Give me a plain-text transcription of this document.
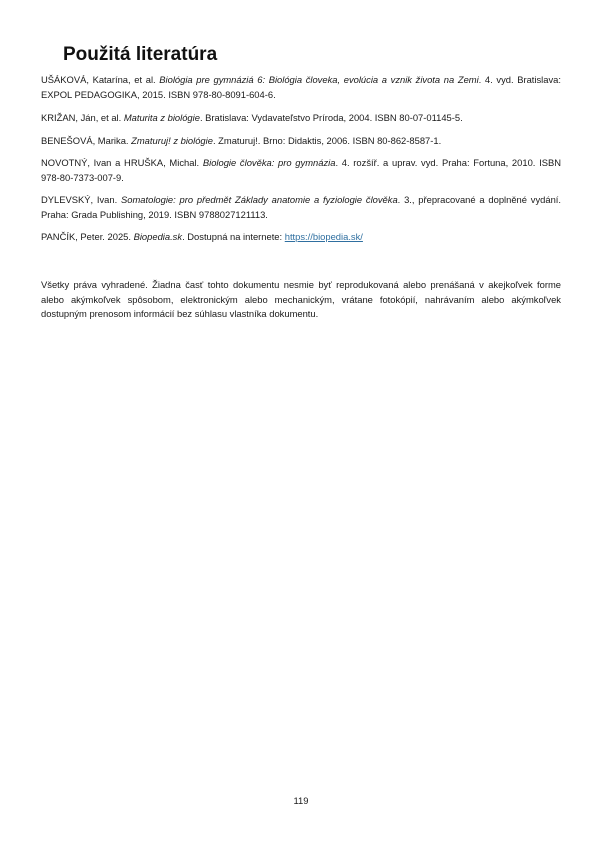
Použitá literatúra
UŠÁKOVÁ, Katarína, et al. Biológia pre gymnáziá 6: Biológia človeka, evolúcia a vznik života na Zemi. 4. vyd. Bratislava: EXPOL PEDAGOGIKA, 2015. ISBN 978-80-8091-604-6.
KRIŽAN, Ján, et al. Maturita z biológie. Bratislava: Vydavateľstvo Príroda, 2004. ISBN 80-07-01145-5.
BENEŠOVÁ, Marika. Zmaturuj! z biológie. Zmaturuj!. Brno: Didaktis, 2006. ISBN 80-862-8587-1.
NOVOTNÝ, Ivan a HRUŠKA, Michal. Biologie člověka: pro gymnázia. 4. rozšíř. a uprav. vyd. Praha: Fortuna, 2010. ISBN 978-80-7373-007-9.
DYLEVSKÝ, Ivan. Somatologie: pro předmět Základy anatomie a fyziologie člověka. 3., přepracované a doplněné vydání. Praha: Grada Publishing, 2019. ISBN 9788027121113.
PANČÍK, Peter. 2025. Biopedia.sk. Dostupná na internete: https://biopedia.sk/

Všetky práva vyhradené. Žiadna časť tohto dokumentu nesmie byť reprodukovaná alebo prenášaná v akejkoľvek forme alebo akýmkoľvek spôsobom, elektronickým alebo mechanickým, vrátane fotokópií, nahrávaním alebo akýmkoľvek dostupným prenosom informácií bez súhlasu vlastníka dokumentu.

119
